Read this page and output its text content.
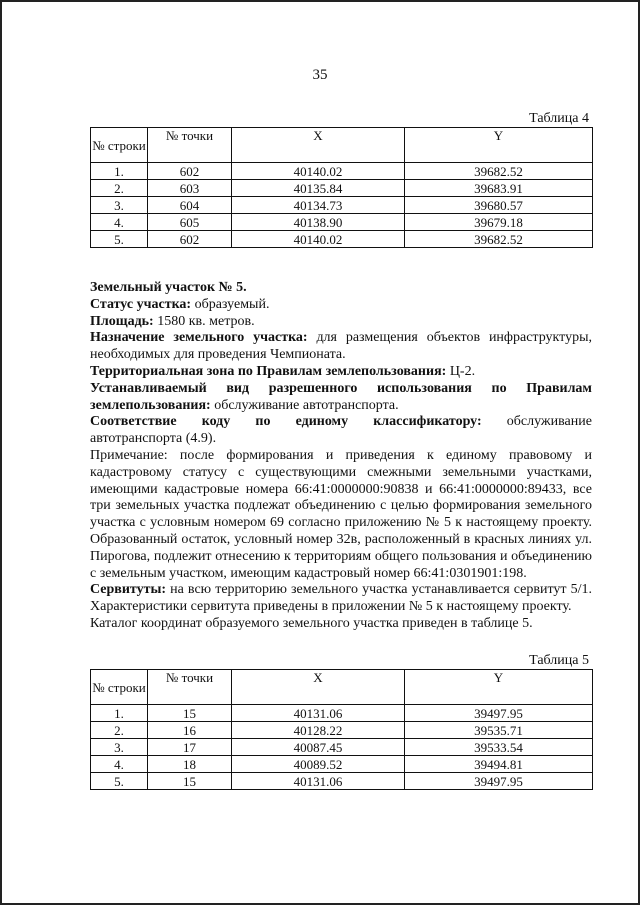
35
Таблица 4
№ строки	№ точки	X	Y
1.	602	40140.02	39682.52
2.	603	40135.84	39683.91
3.	604	40134.73	39680.57
4.	605	40138.90	39679.18
5.	602	40140.02	39682.52

Земельный участок № 5.

Статус участка: образуемый.

Площадь: 1580 кв. метров.

Назначение земельного участка: для размещения объектов инфраструктуры, необходимых для проведения Чемпионата.

Территориальная зона по Правилам землепользования: Ц-2.

Устанавливаемый вид разрешенного использования по Правилам

землепользования: обслуживание автотранспорта.

Соответствие коду по единому классификатору: обслуживание

автотранспорта (4.9).

Примечание: после формирования и приведения к единому правовому и кадастровому статусу с существующими смежными земельными участками, имеющими кадастровые номера 66:41:0000000:90838 и 66:41:0000000:89433, все три земельных участка подлежат объединению с целью формирования земельного участка с условным номером 69 согласно приложению № 5 к настоящему проекту. Образованный остаток, условный номер 32в, расположенный в красных линиях ул. Пирогова, подлежит отнесению к территориям общего пользования и объединению с земельным участком, имеющим кадастровый номер 66:41:0301901:198.

Сервитуты: на всю территорию земельного участка устанавливается сервитут 5/1. Характеристики сервитута приведены в приложении № 5 к настоящему проекту.

Каталог координат образуемого земельного участка приведен в таблице 5.

Таблица 5
№ строки	№ точки	X	Y
1.	15	40131.06	39497.95
2.	16	40128.22	39535.71
3.	17	40087.45	39533.54
4.	18	40089.52	39494.81
5.	15	40131.06	39497.95
